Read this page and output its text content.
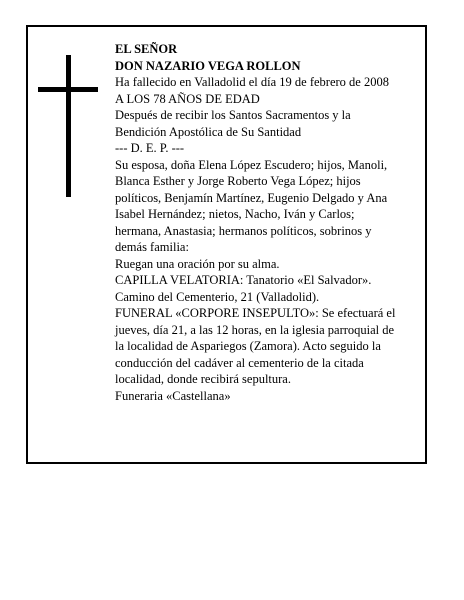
EL SEÑOR
DON NAZARIO VEGA ROLLON
Ha fallecido en Valladolid el día 19 de febrero de 2008
A LOS 78 AÑOS DE EDAD
Después de recibir los Santos Sacramentos y la
Bendición Apostólica de Su Santidad
--- D. E. P. ---
Su esposa, doña Elena López Escudero; hijos, Manoli,
Blanca Esther y Jorge Roberto Vega López; hijos
políticos, Benjamín Martínez, Eugenio Delgado y Ana
Isabel Hernández; nietos, Nacho, Iván y Carlos;
hermana, Anastasia; hermanos políticos, sobrinos y
demás familia:
Ruegan una oración por su alma.
CAPILLA VELATORIA: Tanatorio «El Salvador».
Camino del Cementerio, 21 (Valladolid).
FUNERAL «CORPORE INSEPULTO»: Se efectuará el
jueves, día 21, a las 12 horas, en la iglesia parroquial de
la localidad de Aspariegos (Zamora). Acto seguido la
conducción del cadáver al cementerio de la citada
localidad, donde recibirá sepultura.
Funeraria «Castellana»
